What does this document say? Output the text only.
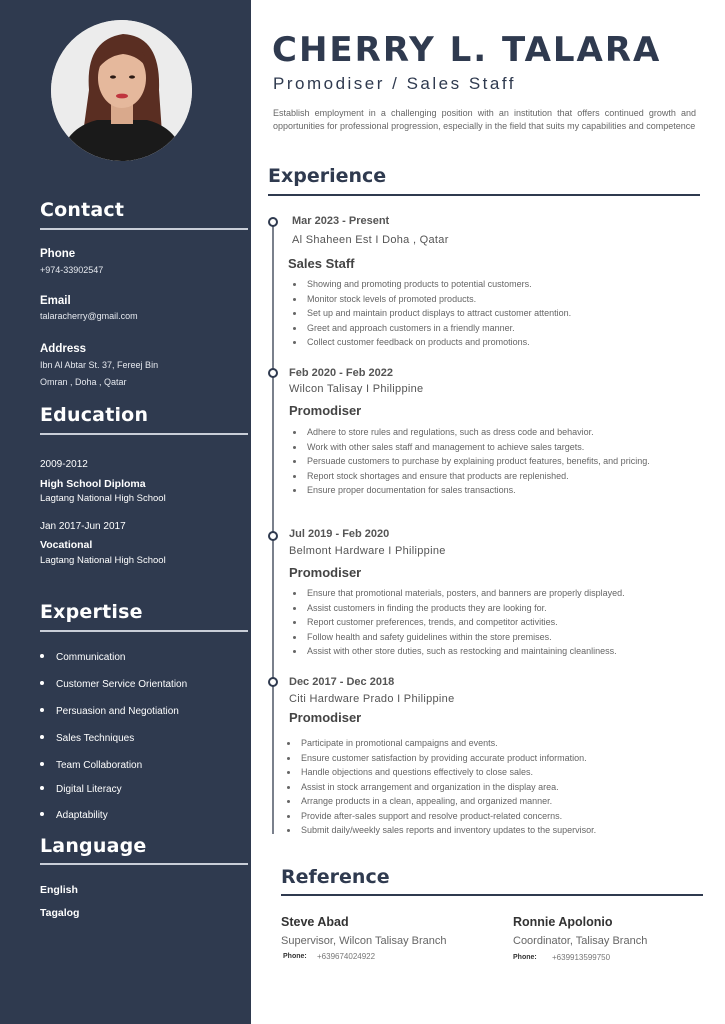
Contact
Phone
+974-33902547
Email
talaracherry@gmail.com
Address
Ibn Al Abtar St. 37, Fereej Bin
Omran , Doha , Qatar
Education
2009-2012
High School Diploma
Lagtang National High School
Jan 2017-Jun 2017
Vocational
Lagtang National High School
Expertise
Communication
Customer Service Orientation
Persuasion and Negotiation
Sales Techniques
Team Collaboration
Digital Literacy
Adaptability
Language
English
Tagalog
CHERRY L. TALARA
Promodiser / Sales Staff
Establish employment in a challenging position with an institution that offers continued growth and opportunities for professional progression, especially in the field that suits my capabilities and competence
Experience
Mar 2023 - Present
Al Shaheen Est I Doha , Qatar
Sales Staff
Showing and promoting products to potential customers.
Monitor stock levels of promoted products.
Set up and maintain product displays to attract customer attention.
Greet and approach customers in a friendly manner.
Collect customer feedback on products and promotions.
Feb 2020 - Feb 2022
Wilcon Talisay I Philippine
Promodiser
Adhere to store rules and regulations, such as dress code and behavior.
Work with other sales staff and management to achieve sales targets.
Persuade customers to purchase by explaining product features, benefits, and pricing.
Report stock shortages and ensure that products are replenished.
Ensure proper documentation for sales transactions.
Jul 2019 - Feb 2020
Belmont Hardware I Philippine
Promodiser
Ensure that promotional materials, posters, and banners are properly displayed.
Assist customers in finding the products they are looking for.
Report customer preferences, trends, and competitor activities.
Follow health and safety guidelines within the store premises.
Assist with other store duties, such as restocking and maintaining cleanliness.
Dec 2017 - Dec 2018
Citi Hardware Prado I Philippine
Promodiser
Participate in promotional campaigns and events.
Ensure customer satisfaction by providing accurate product information.
Handle objections and questions effectively to close sales.
Assist in stock arrangement and organization in the display area.
Arrange products in a clean, appealing, and organized manner.
Provide after-sales support and resolve product-related concerns.
Submit daily/weekly sales reports and inventory updates to the supervisor.
Reference
Steve Abad
Supervisor, Wilcon Talisay Branch
Phone: +639674024922
Ronnie Apolonio
Coordinator, Talisay Branch
Phone: +639913599750
